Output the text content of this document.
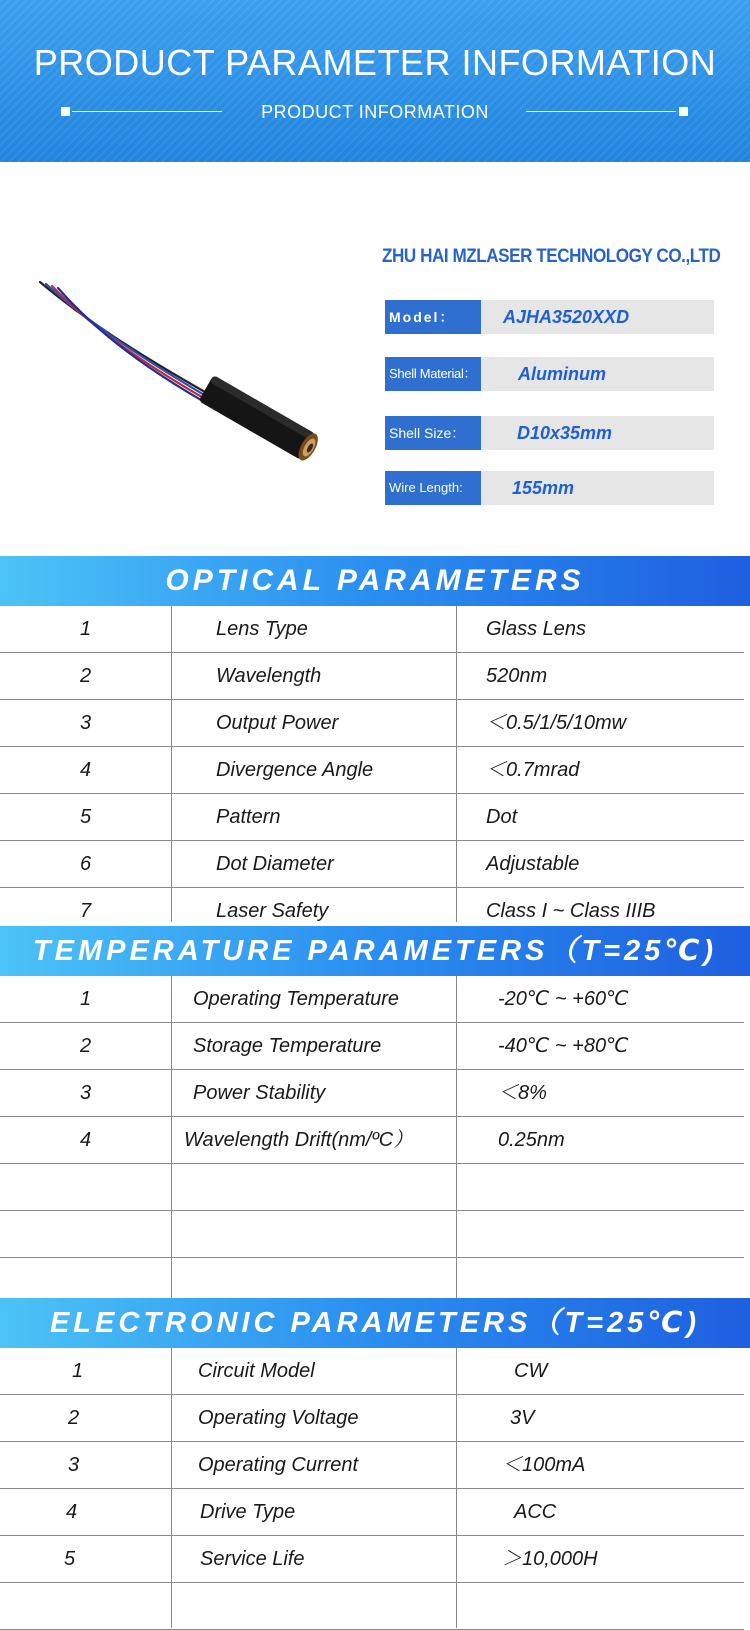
PRODUCT PARAMETER INFORMATION
PRODUCT INFORMATION
ZHU HAI MZLASER TECHNOLOGY CO.,LTD
Model：	AJHA3520XXD
Shell Material： Aluminum
Shell Size：	D10x35mm
Wire Length:	155mm
OPTICAL PARAMETERS
1	Lens Type	Glass Lens
2	Wavelength	520nm
3	Output Power	＜0.5/1/5/10mw
4	Divergence Angle	＜0.7mrad
5	Pattern	Dot
6	Dot Diameter	Adjustable
7	Laser Safety	Class I ~ Class IIIB
TEMPERATURE PARAMETERS（T=25℃)
1	Operating Temperature	-20℃ ~ +60℃
2	Storage Temperature	-40℃ ~ +80℃
3	Power Stability	＜8%
4	Wavelength Drift(nm/ºC）	0.25nm
ELECTRONIC PARAMETERS（T=25℃)
1	Circuit Model	CW
2	Operating Voltage	3V
3	Operating Current	＜100mA
4	Drive Type	ACC
5	Service Life	＞10,000H
